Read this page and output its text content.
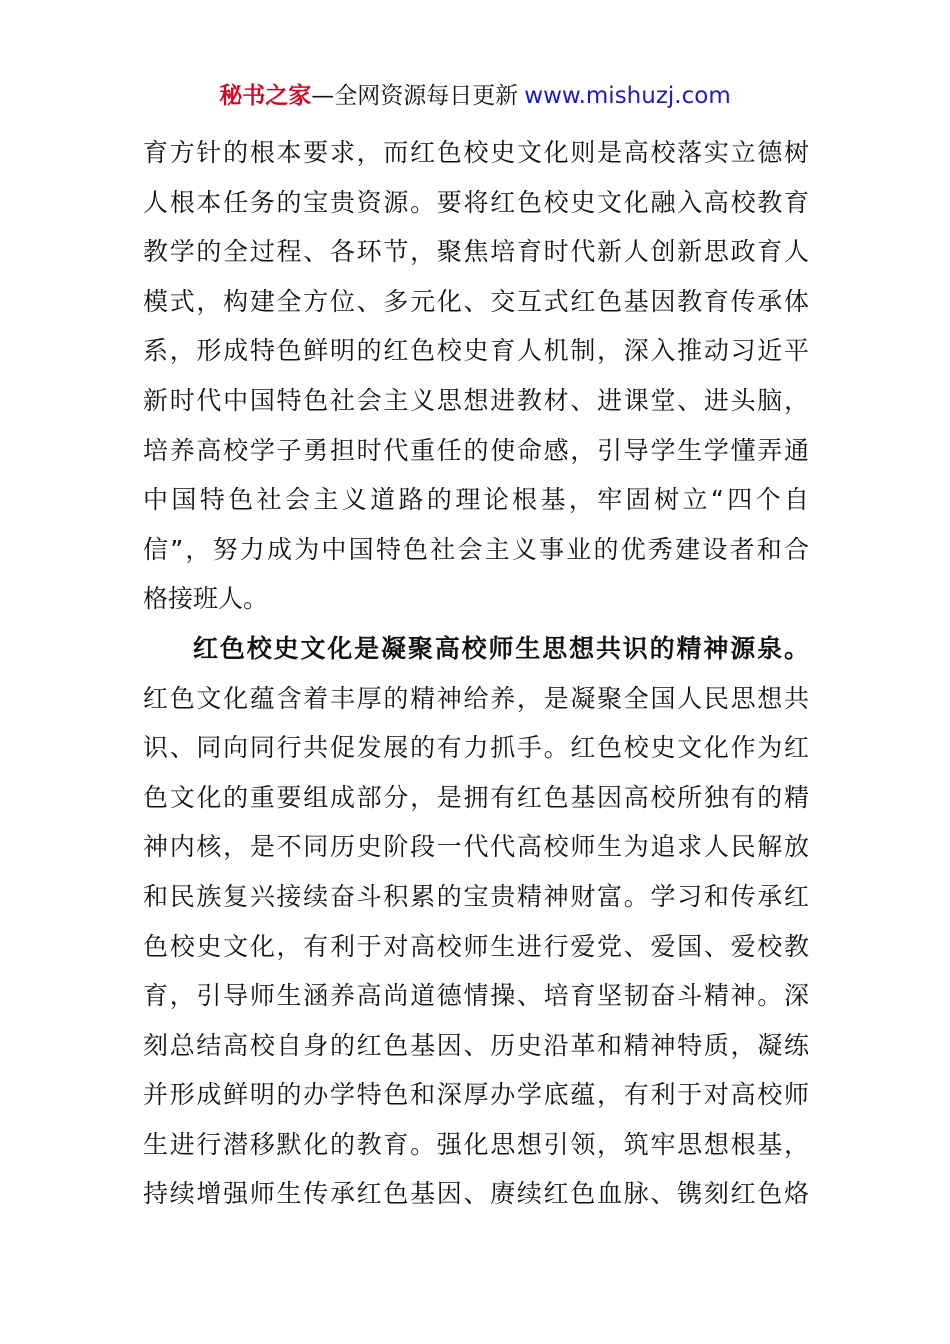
秘书之家—全网资源每日更新 www.mishuzj.com
育方针的根本要求，而红色校史文化则是高校落实立德树
人根本任务的宝贵资源。要将红色校史文化融入高校教育
教学的全过程、各环节，聚焦培育时代新人创新思政育人
模式，构建全方位、多元化、交互式红色基因教育传承体
系，形成特色鲜明的红色校史育人机制，深入推动习近平
新时代中国特色社会主义思想进教材、进课堂、进头脑，
培养高校学子勇担时代重任的使命感，引导学生学懂弄通
中国特色社会主义道路的理论根基，牢固树立“四个自
信”，努力成为中国特色社会主义事业的优秀建设者和合
格接班人。
红色校史文化是凝聚高校师生思想共识的精神源泉。
红色文化蕴含着丰厚的精神给养，是凝聚全国人民思想共
识、同向同行共促发展的有力抓手。红色校史文化作为红
色文化的重要组成部分，是拥有红色基因高校所独有的精
神内核，是不同历史阶段一代代高校师生为追求人民解放
和民族复兴接续奋斗积累的宝贵精神财富。学习和传承红
色校史文化，有利于对高校师生进行爱党、爱国、爱校教
育，引导师生涵养高尚道德情操、培育坚韧奋斗精神。深
刻总结高校自身的红色基因、历史沿革和精神特质，凝练
并形成鲜明的办学特色和深厚办学底蕴，有利于对高校师
生进行潜移默化的教育。强化思想引领，筑牢思想根基，
持续增强师生传承红色基因、赓续红色血脉、镌刻红色烙
